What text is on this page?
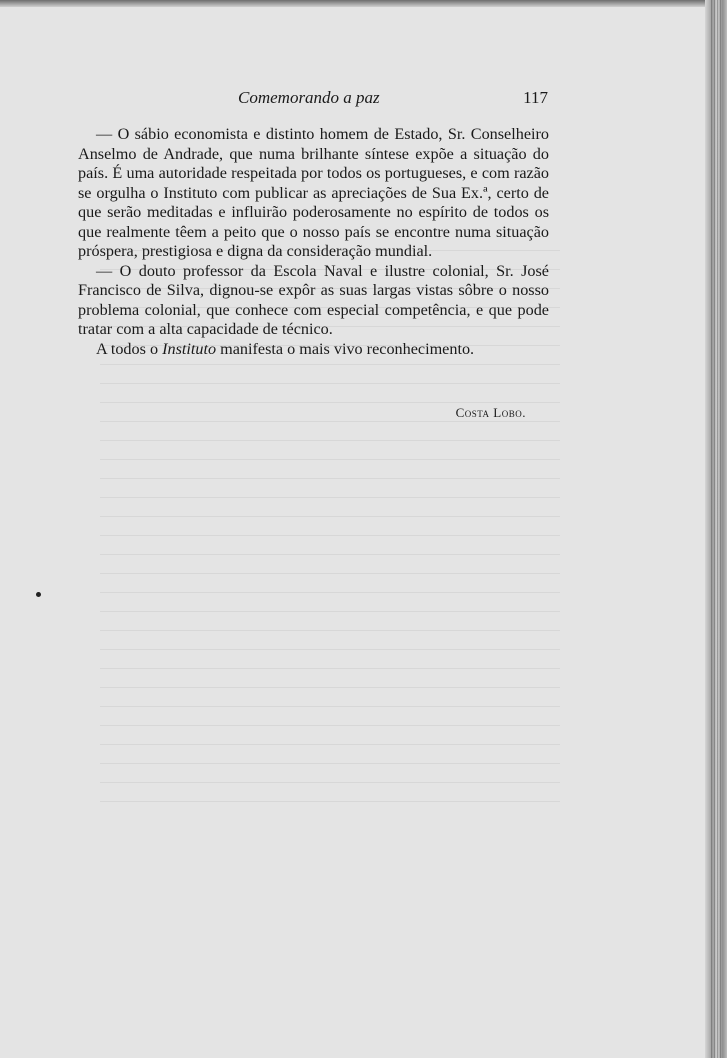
Comemorando a paz	117

— O sábio economista e distinto homem de Estado, Sr. Conselheiro Anselmo de Andrade, que numa brilhante síntese expõe a situação do país. É uma autoridade respeitada por todos os portugueses, e com razão se orgulha o Instituto com publicar as apreciações de Sua Ex.ª, certo de que serão meditadas e influirão poderosamente no espírito de todos os que realmente têem a peito que o nosso país se encontre numa situação próspera, prestigiosa e digna da consideração mundial.

— O douto professor da Escola Naval e ilustre colonial, Sr. José Francisco de Silva, dignou-se expôr as suas largas vistas sôbre o nosso problema colonial, que conhece com especial competência, e que pode tratar com a alta capacidade de técnico.

A todos o Instituto manifesta o mais vivo reconhecimento.

Costa Lobo.
